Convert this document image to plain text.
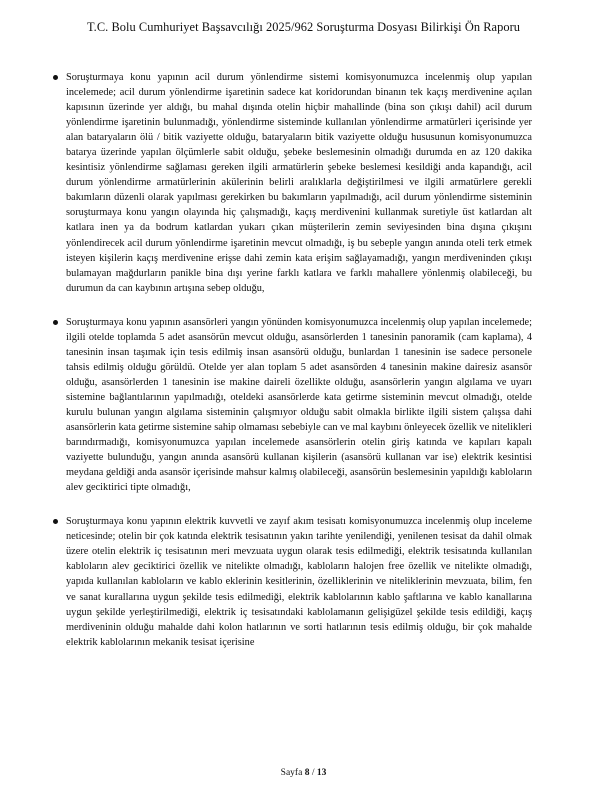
T.C. Bolu Cumhuriyet Başsavcılığı 2025/962 Soruşturma Dosyası Bilirkişi Ön Raporu

Soruşturmaya konu yapının acil durum yönlendirme sistemi komisyonumuzca incelenmiş olup yapılan incelemede; acil durum yönlendirme işaretinin sadece kat koridorundan binanın tek kaçış merdivenine açılan kapısının üzerinde yer aldığı, bu mahal dışında otelin hiçbir mahallinde (bina son çıkışı dahil) acil durum yönlendirme işaretinin bulunmadığı, yönlendirme sisteminde kullanılan yönlendirme armatürleri içerisinde yer alan bataryaların ölü / bitik vaziyette olduğu, bataryaların bitik vaziyette olduğu hususunun komisyonumuzca batarya üzerinde yapılan ölçümlerle sabit olduğu, şebeke beslemesinin olmadığı durumda en az 120 dakika kesintisiz yönlendirme sağlaması gereken ilgili armatürlerin şebeke beslemesi kesildiği anda kapandığı, acil durum yönlendirme armatürlerinin akülerinin belirli aralıklarla değiştirilmesi ve ilgili armatürlere gerekli bakımların düzenli olarak yapılması gerekirken bu bakımların yapılmadığı, acil durum yönlendirme sisteminin soruşturmaya konu yangın olayında hiç çalışmadığı, kaçış merdivenini kullanmak suretiyle üst katlardan alt katlara inen ya da bodrum katlardan yukarı çıkan müşterilerin zemin seviyesinden bina dışına çıkışını yönlendirecek acil durum yönlendirme işaretinin mevcut olmadığı, iş bu sebeple yangın anında oteli terk etmek isteyen kişilerin kaçış merdivenine erişse dahi zemin kata erişim sağlayamadığı, yangın merdiveninden çıkışı bulamayan mağdurların panikle bina dışı yerine farklı katlara ve farklı mahallere yönlenmiş olabileceği, bu durumun da can kaybının artışına sebep olduğu,

Soruşturmaya konu yapının asansörleri yangın yönünden komisyonumuzca incelenmiş olup yapılan incelemede; ilgili otelde toplamda 5 adet asansörün mevcut olduğu, asansörlerden 1 tanesinin panoramik (cam kaplama), 4 tanesinin insan taşımak için tesis edilmiş insan asansörü olduğu, bunlardan 1 tanesinin ise sadece personele tahsis edilmiş olduğu görüldü. Otelde yer alan toplam 5 adet asansörden 4 tanesinin makine dairesiz asansör olduğu, asansörlerden 1 tanesinin ise makine daireli özellikte olduğu, asansörlerin yangın algılama ve uyarı sistemine bağlantılarının yapılmadığı, oteldeki asansörlerde kata getirme sisteminin mevcut olmadığı, otelde kurulu bulunan yangın algılama sisteminin çalışmıyor olduğu sabit olmakla birlikte ilgili sistem çalışsa dahi asansörlerin kata getirme sistemine sahip olmaması sebebiyle can ve mal kaybını önleyecek özellik ve nitelikleri barındırmadığı, komisyonumuzca yapılan incelemede asansörlerin otelin giriş katında ve kapıları kapalı vaziyette bulunduğu, yangın anında asansörü kullanan kişilerin (asansörü kullanan var ise) elektrik kesintisi meydana geldiği anda asansör içerisinde mahsur kalmış olabileceği, asansörün beslemesinin yapıldığı kabloların alev geciktirici tipte olmadığı,

Soruşturmaya konu yapının elektrik kuvvetli ve zayıf akım tesisatı komisyonumuzca incelenmiş olup inceleme neticesinde; otelin bir çok katında elektrik tesisatının yakın tarihte yenilendiği, yenilenen tesisat da dahil olmak üzere otelin elektrik iç tesisatının meri mevzuata uygun olarak tesis edilmediği, elektrik tesisatında kullanılan kabloların alev geciktirici özellik ve nitelikte olmadığı, kabloların halojen free özellik ve nitelikte olmadığı, yapıda kullanılan kabloların ve kablo eklerinin kesitlerinin, özelliklerinin ve niteliklerinin mevzuata, bilim, fen ve sanat kurallarına uygun şekilde tesis edilmediği, elektrik kablolarının kablo şaftlarına ve kablo kanallarına uygun şekilde yerleştirilmediği, elektrik iç tesisatındaki kablolamanın gelişigüzel şekilde tesis edildiği, kaçış merdiveninin olduğu mahalde dahi kolon hatlarının ve sorti hatlarının tesis edilmiş olduğu, bir çok mahalde elektrik kablolarının mekanik tesisat içerisine

Sayfa 8 / 13
